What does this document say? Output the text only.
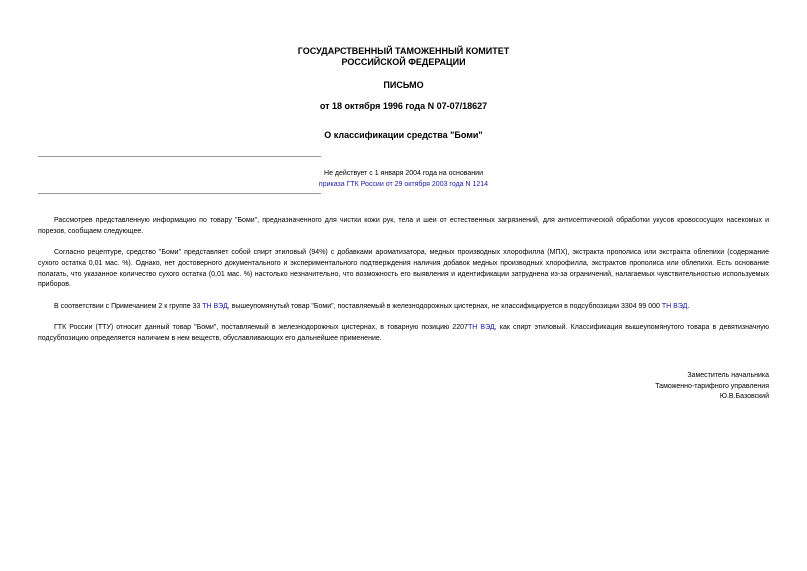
ГОСУДАРСТВЕННЫЙ ТАМОЖЕННЫЙ КОМИТЕТ
РОССИЙСКОЙ ФЕДЕРАЦИИ
ПИСЬМО
от 18 октября 1996 года N 07-07/18627
О классификации средства "Боми"
Не действует с 1 января 2004 года на основании
приказа ГТК России от 29 октября 2003 года N 1214

Рассмотрев представленную информацию по товару "Боми", предназначенного для чистки кожи рук, тела и шеи от естественных загрязнений, для антисептической обработки укусов кровососущих насекомых и порезов, сообщаем следующее.

Согласно рецептуре, средство "Боми" представляет собой спирт этиловый (94%) с добавками ароматизатора, медных производных хлорофилла (МПХ), экстракта прополиса или экстракта облепихи (содержание сухого остатка 0,01 мас. %). Однако, нет достоверного документального и экспериментального подтверждения наличия добавок медных производных хлорофилла, экстрактов прополиса или облепихи. Есть основание полагать, что указанное количество сухого остатка (0,01 мас. %) настолько незначительно, что возможность его выявления и идентификации затруднена из-за ограничений, налагаемых чувствительностью используемых приборов.

В соответствии с Примечанием 2 к группе 33 ТН ВЭД, вышеупомянутый товар "Боми", поставляемый в железнодорожных цистернах, не классифицируется в подсубпозиции 3304 99 000 ТН ВЭД.

ГТК России (ТТУ) относит данный товар "Боми", поставляемый в железнодорожных цистернах, в товарную позицию 2207ТН ВЭД, как спирт этиловый. Классификация вышеупомянутого товара в девятизначную подсубпозицию определяется наличием в нем веществ, обуславливающих его дальнейшее применение.

Заместитель начальника
Таможенно-тарифного управления
Ю.В.Базовский
